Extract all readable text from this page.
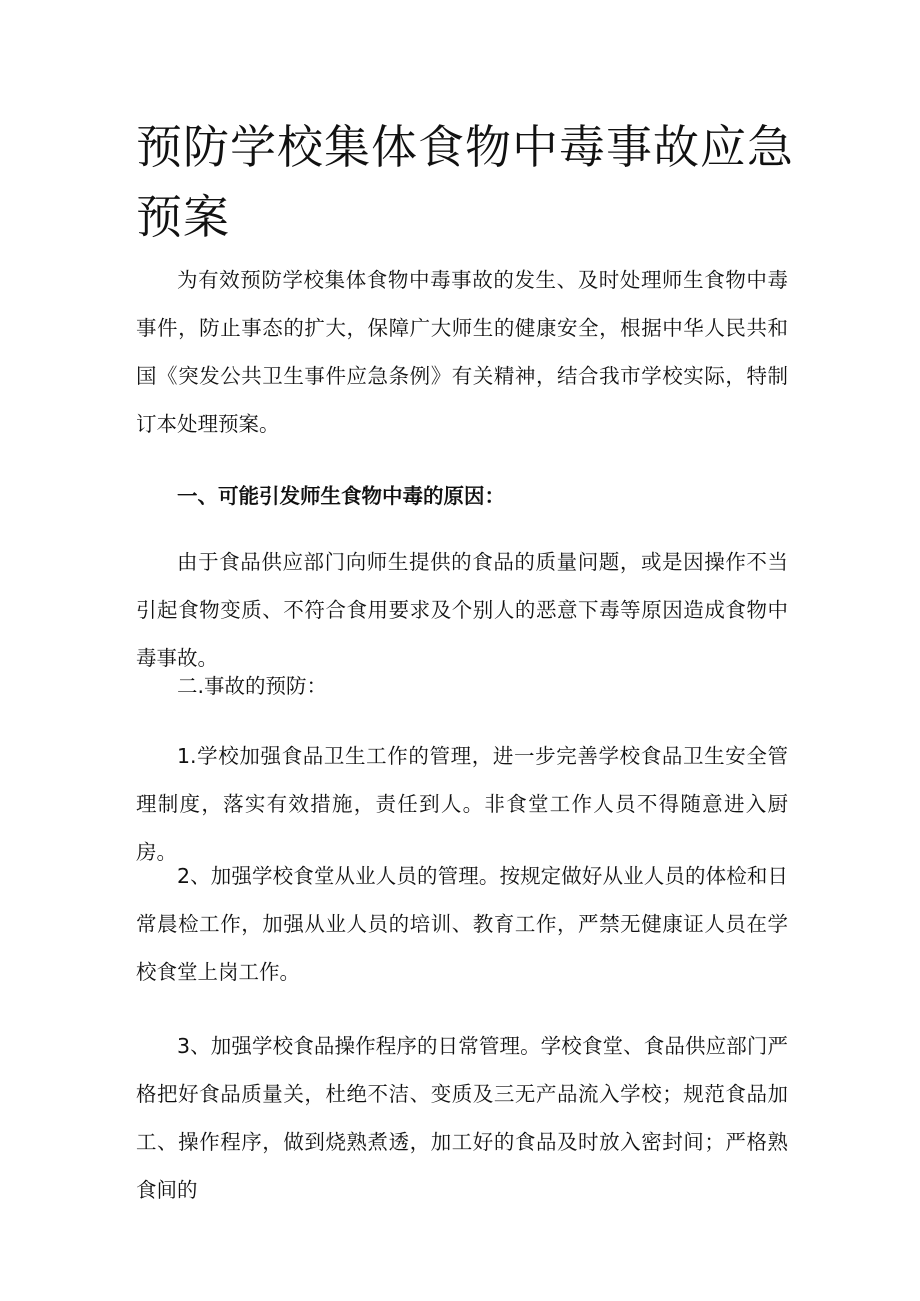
预防学校集体食物中毒事故应急预案

为有效预防学校集体食物中毒事故的发生、及时处理师生食物中毒事件，防止事态的扩大，保障广大师生的健康安全，根据中华人民共和国《突发公共卫生事件应急条例》有关精神，结合我市学校实际，特制订本处理预案。

一、可能引发师生食物中毒的原因：

由于食品供应部门向师生提供的食品的质量问题，或是因操作不当引起食物变质、不符合食用要求及个别人的恶意下毒等原因造成食物中毒事故。

二.事故的预防：

1.学校加强食品卫生工作的管理，进一步完善学校食品卫生安全管理制度，落实有效措施，责任到人。非食堂工作人员不得随意进入厨房。

2、加强学校食堂从业人员的管理。按规定做好从业人员的体检和日常晨检工作，加强从业人员的培训、教育工作，严禁无健康证人员在学校食堂上岗工作。

3、加强学校食品操作程序的日常管理。学校食堂、食品供应部门严格把好食品质量关，杜绝不洁、变质及三无产品流入学校；规范食品加工、操作程序，做到烧熟煮透，加工好的食品及时放入密封间；严格熟食间的
